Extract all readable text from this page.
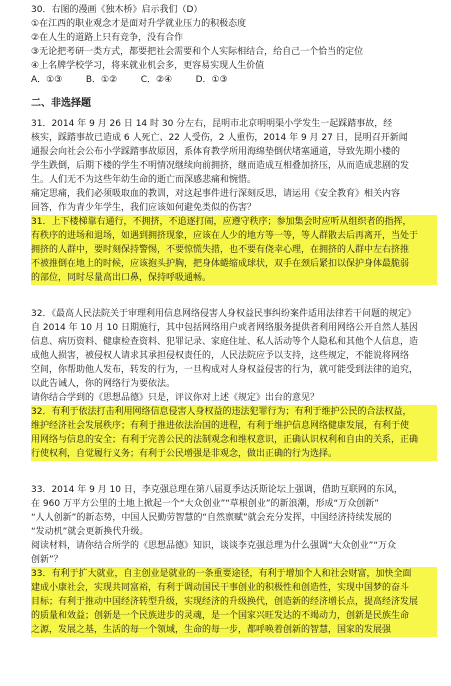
30．右图的漫画《独木桥》启示我们（D）
①在江西的职业观念才是面对升学就业压力的积极态度
②在人生的道路上只有竞争，没有合作
③无论把考研一类方式，都要把社会需要和个人实际相结合，给自己一个恰当的定位
④上名牌学校学习，将来就业机会多，更容易实现人生价值
A．①③	B．①②	C．②④	D．①③
二、非选择题
31．2014 年 9 月 26 日 14 时 30 分左右，昆明市北京明明渠小学发生一起踩踏事故，经
核实，踩踏事故已造成 6 人死亡、22 人受伤，2 人重伤，2014 年 9 月 27 日，昆明召开新闻
通报会向社会公布小学踩踏事故原因，系体育教学所用海绵垫倒伏堵塞通道，导致先期小楼的
学生跌倒，后期下楼的学生不明情况继续向前拥挤，继而造成互相叠加挤压，从而造成悲剧的发
生。人们无不为这些年幼生命的逝亡而深感悲痛和惋惜。
痛定思痛，我们必须吸取血的教训，对这起事件进行深刻反思，请运用《安全教育》相关内容
回答，作为青少年学生，我们应该如何避免类似的伤害？
31．上下楼梯靠右通行，不拥挤，不追逐打闹，应遵守秩序；参加集会时应听从组织者的指挥，
有秩序的进场和退场，如遇到拥挤现象，应该在人少的地方等一等，等人群散去后再离开，当处于
拥挤的人群中，要时刻保持警惕，不要惊慌失措，也不要有侥幸心理，在拥挤的人群中左右挤推
不被推倒在地上的时候，应该抱头护胸，把身体蜷缩成球状，双手在颈后紧扣以保护身体最脆弱
的部位，同时尽量高出口鼻，保持呼吸通畅。
32．《最高人民法院关于审理利用信息网络侵害人身权益民事纠纷案件适用法律若干问题的规定》
自 2014 年 10 月 10 日期施行，其中包括网络用户或者网络服务提供者利用网络公开自然人基因
信息、病历资料、健康检查资料、犯罪记录、家庭住址、私人活动等个人隐私和其他个人信息，造
成他人损害，被侵权人请求其承担侵权责任的，人民法院应予以支持，这些规定，不能说将网络
空间，你帮助他人发布，转发的行为，一旦构成对人身权益侵害的行为，就可能受到法律的追究，
以此告诫人，你的网络行为要依法。
请你结合学到的《思想品德》只是，评议你对上述《规定》出台的意见？
32．有利于依法打击利用网络信息侵害人身权益的违法犯罪行为；有利于维护公民的合法权益，
维护经济社会发展秩序；有利于推进依法治国的进程，有利于维护信息网络健康发展，有利于使
用网络与信息的安全；有利于完善公民的法制观念和维权意识，正确认识权利和自由的关系，正确
行使权利，自觉履行义务；有利于公民增强是非观念，做出正确的行为选择。
33．2014 年 9 月 10 日，李克强总理在第八届夏季达沃斯论坛上强调，借助互联网的东风，
在 960 万平方公里的土地上掀起一个“大众创业”“草根创业”的新浪潮，形成“万众创新”
“人人创新”的新态势，中国人民勤劳智慧的“自然禀赋”就会充分发挥，中国经济持续发展的
“发动机”就会更新换代升级。
阅读材料，请你结合所学的《思想品德》知识，谈谈李克强总理为什么强调“大众创业”“万众
创新”？
33．有利于扩大就业，自主创业是就业的一条重要途径，有利于增加个人和社会财富，加快全面
建成小康社会，实现共同富裕，有利于调动国民干事创业的积极性和创造性，实现中国梦的奋斗
目标；有利于推动中国经济转型升级，实现经济的升级换代，创造新的经济增长点，提高经济发展
的质量和效益；创新是一个民族进步的灵魂，是一个国家兴旺发达的不竭动力，创新是民族生命
之源，发展之基，生活的每一个领域，生命的每一步，都呼唤着创新的智慧，国家的发展强
